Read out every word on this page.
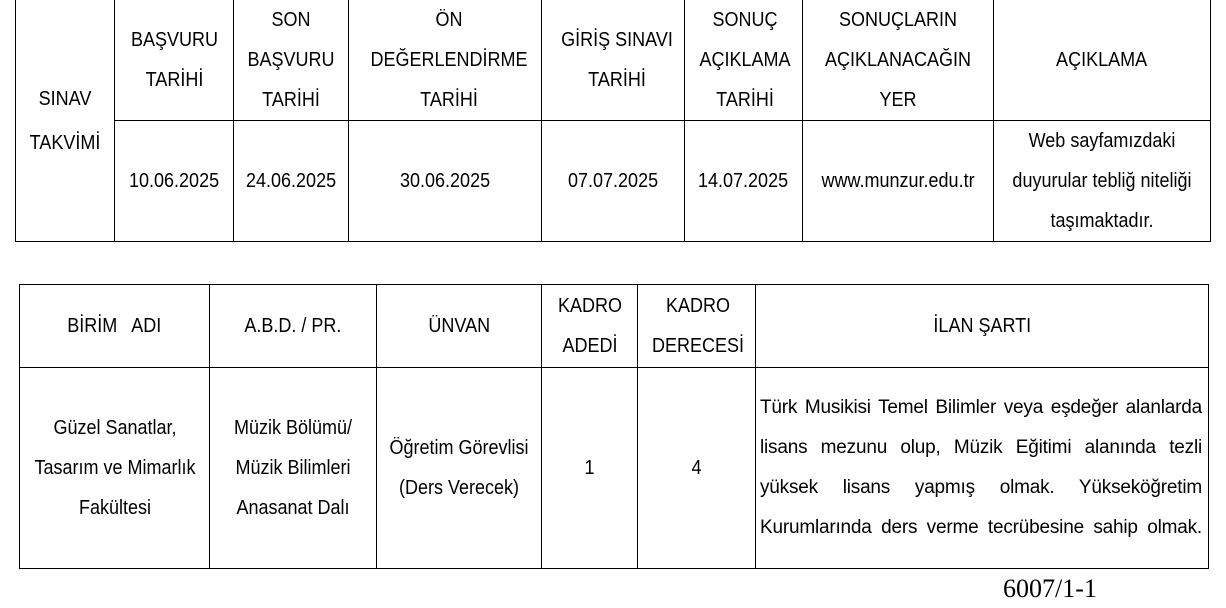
SINAV TAKVİMİ	BAŞVURU TARİHİ	SON BAŞVURU TARİHİ	ÖN DEĞERLENDİRME TARİHİ	GİRİŞ SINAVI TARİHİ	SONUÇ AÇIKLAMA TARİHİ	SONUÇLARIN AÇIKLANACAĞIN YER	AÇIKLAMA
	10.06.2025	24.06.2025	30.06.2025	07.07.2025	14.07.2025	www.munzur.edu.tr	Web sayfamızdaki duyurular tebliğ niteliği taşımaktadır.
BİRİM   ADI	A.B.D. / PR.	ÜNVAN	KADRO ADEDİ	KADRO DERECESİ	İLAN ŞARTI
Güzel Sanatlar, Tasarım ve Mimarlık Fakültesi	Müzik Bölümü/ Müzik Bilimleri Anasanat Dalı	Öğretim Görevlisi (Ders Verecek)	1	4	Türk Musikisi Temel Bilimler veya eşdeğer alanlarda lisans mezunu olup, Müzik Eğitimi alanında tezli yüksek lisans yapmış olmak. Yükseköğretim Kurumlarında ders verme tecrübesine sahip olmak.
6007/1-1
